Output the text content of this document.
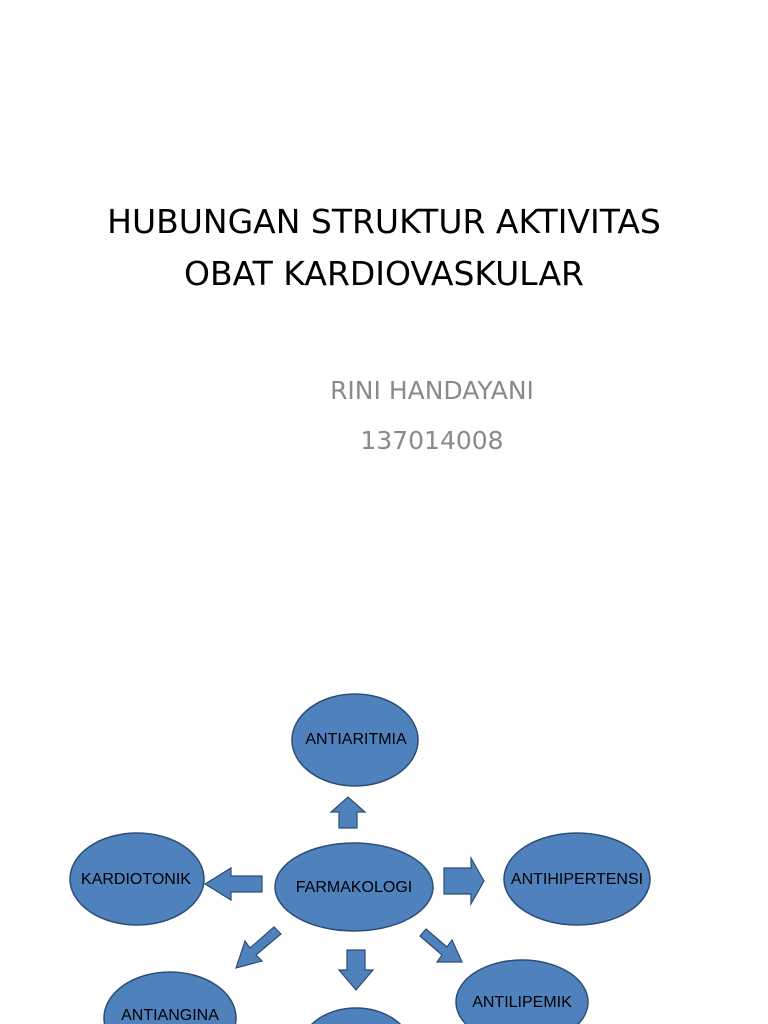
HUBUNGAN STRUKTUR AKTIVITAS
OBAT KARDIOVASKULAR
RINI HANDAYANI
137014008
ANTIARITMIA
KARDIOTONIK	FARMAKOLOGI	ANTIHIPERTENSI
ANTIANGINA
ANTILIPEMIK
